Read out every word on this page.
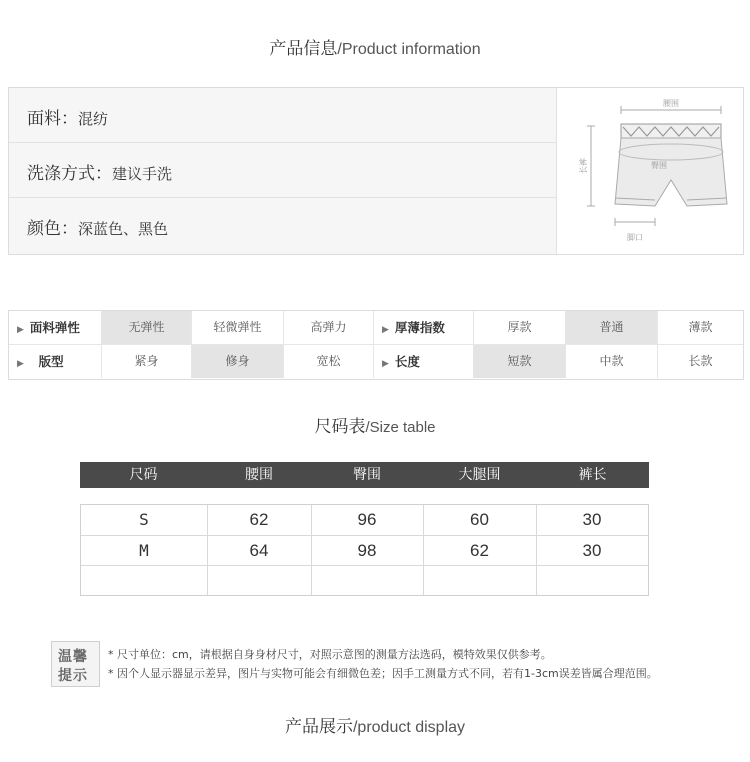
产品信息/Product information
面料：混纺
洗涤方式：建议手洗
颜色：深蓝色、黑色
腰围
臀围
长裤
脚口
▶ 面料弹性	无弹性	轻微弹性	高弹力	▶ 厚薄指数	厚款	普通	薄款
▶ 版型	紧身	修身	宽松	▶ 长度	短款	中款	长款
尺码表/Size table
尺码	腰围	臀围	大腿围	裤长
S	62	96	60	30
M	64	98	62	30
温馨
提示
* 尺寸单位：cm，请根据自身身材尺寸，对照示意图的测量方法选码，模特效果仅供参考。
* 因个人显示器显示差异，图片与实物可能会有细微色差；因手工测量方式不同，若有1-3cm误差皆属合理范围。
产品展示/product display
